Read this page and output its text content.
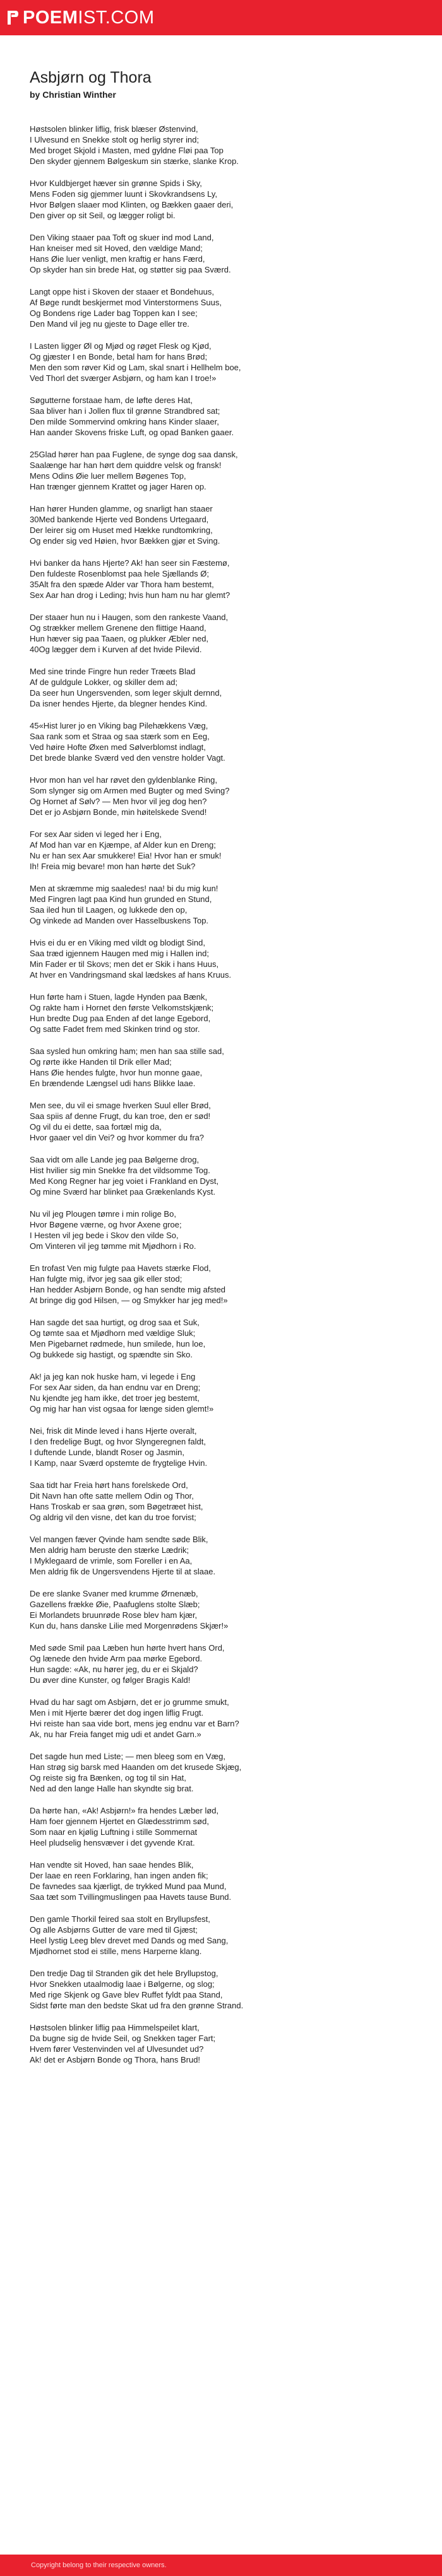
POEMIST.COM
Asbjørn og Thora
by Christian Winther
Høstsolen blinker liflig, frisk blæser Østenvind,
I Ulvesund en Snekke stolt og herlig styrer ind;
Med broget Skjold i Masten, med gyldne Fløi paa Top
Den skyder gjennem Bølgeskum sin stærke, slanke Krop.
Hvor Kuldbjerget hæver sin grønne Spids i Sky,
Mens Foden sig gjemmer luunt i Skovkrandsens Ly,
Hvor Bølgen slaaer mod Klinten, og Bækken gaaer deri,
Den giver op sit Seil, og lægger roligt bi.
Den Viking staaer paa Toft og skuer ind mod Land,
Han kneiser med sit Hoved, den vældige Mand;
Hans Øie luer venligt, men kraftig er hans Færd,
Op skyder han sin brede Hat, og støtter sig paa Sværd.
Langt oppe hist i Skoven der staaer et Bondehuus,
Af Bøge rundt beskjermet mod Vinterstormens Suus,
Og Bondens rige Lader bag Toppen kan I see;
Den Mand vil jeg nu gjeste to Dage eller tre.
I Lasten ligger Øl og Mjød og røget Flesk og Kjød,
Og gjæster I en Bonde, betal ham for hans Brød;
Men den som røver Kid og Lam, skal snart i Hellhelm boe,
Ved Thorl det sværger Asbjørn, og ham kan I troe!»
Søgutterne forstaae ham, de løfte deres Hat,
Saa bliver han i Jollen flux til grønne Strandbred sat;
Den milde Sommervind omkring hans Kinder slaaer,
Han aander Skovens friske Luft, og opad Banken gaaer.
25Glad hører han paa Fuglene, de synge dog saa dansk,
Saalænge har han hørt dem quiddre velsk og fransk!
Mens Odins Øie luer mellem Bøgenes Top,
Han trænger gjennem Krattet og jager Haren op.
Han hører Hunden glamme, og snarligt han staaer
30Med bankende Hjerte ved Bondens Urtegaard,
Der leirer sig om Huset med Hække rundtomkring,
Og ender sig ved Høien, hvor Bækken gjør et Sving.
Hvi banker da hans Hjerte? Ak! han seer sin Fæstemø,
Den fuldeste Rosenblomst paa hele Sjællands Ø;
35Alt fra den spæde Alder var Thora ham bestemt,
Sex Aar han drog i Leding; hvis hun ham nu har glemt?
Der staaer hun nu i Haugen, som den rankeste Vaand,
Og strækker mellem Grenene den flittige Haand,
Hun hæver sig paa Taaen, og plukker Æbler ned,
40Og lægger dem i Kurven af det hvide Pilevid.
Med sine trinde Fingre hun reder Træets Blad
Af de guldgule Lokker, og skiller dem ad;
Da seer hun Ungersvenden, som leger skjult dernnd,
Da isner hendes Hjerte, da blegner hendes Kind.
45«Hist lurer jo en Viking bag Pilehækkens Væg,
Saa rank som et Straa og saa stærk som en Eeg,
Ved høire Hofte Øxen med Sølverblomst indlagt,
Det brede blanke Sværd ved den venstre holder Vagt.
Hvor mon han vel har røvet den gyldenblanke Ring,
Som slynger sig om Armen med Bugter og med Sving?
Og Hornet af Sølv? — Men hvor vil jeg dog hen?
Det er jo Asbjørn Bonde, min høitelskede Svend!
For sex Aar siden vi leged her i Eng,
Af Mod han var en Kjæmpe, af Alder kun en Dreng;
Nu er han sex Aar smukkere! Eia! Hvor han er smuk!
Ih! Freia mig bevare! mon han hørte det Suk?
Men at skræmme mig saaledes! naa! bi du mig kun!
Med Fingren lagt paa Kind hun grunded en Stund,
Saa iled hun til Laagen, og lukkede den op,
Og vinkede ad Manden over Hasselbuskens Top.
Hvis ei du er en Viking med vildt og blodigt Sind,
Saa træd igjennem Haugen med mig i Hallen ind;
Min Fader er til Skovs; men det er Skik i hans Huus,
At hver en Vandringsmand skal lædskes af hans Kruus.
Hun førte ham i Stuen, lagde Hynden paa Bænk,
Og rakte ham i Hornet den første Velkomstskjænk;
Hun bredte Dug paa Enden af det lange Egebord,
Og satte Fadet frem med Skinken trind og stor.
Saa sysled hun omkring ham; men han saa stille sad,
Og rørte ikke Handen til Drik eller Mad;
Hans Øie hendes fulgte, hvor hun monne gaae,
En brændende Længsel udi hans Blikke laae.
Men see, du vil ei smage hverken Suul eller Brød,
Saa spiis af denne Frugt, du kan troe, den er sød!
Og vil du ei dette, saa fortæl mig da,
Hvor gaaer vel din Vei? og hvor kommer du fra?
Saa vidt om alle Lande jeg paa Bølgerne drog,
Hist hvilier sig min Snekke fra det vildsomme Tog.
Med Kong Regner har jeg voiet i Frankland en Dyst,
Og mine Sværd har blinket paa Grækenlands Kyst.
Nu vil jeg Plougen tømre i min rolige Bo,
Hvor Bøgene værne, og hvor Axene groe;
I Hesten vil jeg bede i Skov den vilde So,
Om Vinteren vil jeg tømme mit Mjødhorn i Ro.
En trofast Ven mig fulgte paa Havets stærke Flod,
Han fulgte mig, ifvor jeg saa gik eller stod;
Han hedder Asbjørn Bonde, og han sendte mig afsted
At bringe dig god Hilsen, — og Smykker har jeg med!»
Han sagde det saa hurtigt, og drog saa et Suk,
Og tømte saa et Mjødhorn med vældige Sluk;
Men Pigebarnet rødmede, hun smilede, hun loe,
Og bukkede sig hastigt, og spændte sin Sko.
Ak! ja jeg kan nok huske ham, vi legede i Eng
For sex Aar siden, da han endnu var en Dreng;
Nu kjendte jeg ham ikke, det troer jeg bestemt,
Og mig har han vist ogsaa for længe siden glemt!»
Nei, frisk dit Minde leved i hans Hjerte overalt,
I den fredelige Bugt, og hvor Slyngeregnen faldt,
I duftende Lunde, blandt Roser og Jasmin,
I Kamp, naar Sværd opstemte de frygtelige Hvin.
Saa tidt har Freia hørt hans forelskede Ord,
Dit Navn han ofte satte mellem Odin og Thor,
Hans Troskab er saa grøn, som Bøgetræet hist,
Og aldrig vil den visne, det kan du troe forvist;
Vel mangen fæver Qvinde ham sendte søde Blik,
Men aldrig ham beruste den stærke Lædrik;
I Myklegaard de vrimle, som Foreller i en Aa,
Men aldrig fik de Ungersvendens Hjerte til at slaae.
De ere slanke Svaner med krumme Ørnenæb,
Gazellens frække Øie, Paafuglens stolte Slæb;
Ei Morlandets bruunrøde Rose blev ham kjær,
Kun du, hans danske Lilie med Morgenrødens Skjær!»
Med søde Smil paa Læben hun hørte hvert hans Ord,
Og lænede den hvide Arm paa mørke Egebord.
Hun sagde: «Ak, nu hører jeg, du er ei Skjald?
Du øver dine Kunster, og følger Bragis Kald!
Hvad du har sagt om Asbjørn, det er jo grumme smukt,
Men i mit Hjerte bærer det dog ingen liflig Frugt.
Hvi reiste han saa vide bort, mens jeg endnu var et Barn?
Ak, nu har Freia fanget mig udi et andet Garn.»
Det sagde hun med Liste; — men bleeg som en Væg,
Han strøg sig barsk med Haanden om det krusede Skjæg,
Og reiste sig fra Bænken, og tog til sin Hat,
Ned ad den lange Halle han skyndte sig brat.
Da hørte han, «Ak! Asbjørn!» fra hendes Læber lød,
Ham foer gjennem Hjertet en Glædesstrimm sød,
Som naar en kjølig Luftning i stille Sommernat
Heel pludselig hensvæver i det gyvende Krat.
Han vendte sit Hoved, han saae hendes Blik,
Der laae en reen Forklaring, han ingen anden fik;
De favnedes saa kjærligt, de trykked Mund paa Mund,
Saa tæt som Tvillingmuslingen paa Havets tause Bund.
Den gamle Thorkil feired saa stolt en Bryllupsfest,
Og alle Asbjørns Gutter de vare med til Gjæst;
Heel lystig Leeg blev drevet med Dands og med Sang,
Mjødhornet stod ei stille, mens Harperne klang.
Den tredje Dag til Stranden gik det hele Bryllupstog,
Hvor Snekken utaalmodig laae i Bølgerne, og slog;
Med rige Skjenk og Gave blev Ruffet fyldt paa Stand,
Sidst førte man den bedste Skat ud fra den grønne Strand.
Høstsolen blinker liflig paa Himmelspeilet klart,
Da bugne sig de hvide Seil, og Snekken tager Fart;
Hvem fører Vestenvinden vel af Ulvesundet ud?
Ak! det er Asbjørn Bonde og Thora, hans Brud!
Copyright belong to their respective owners.
